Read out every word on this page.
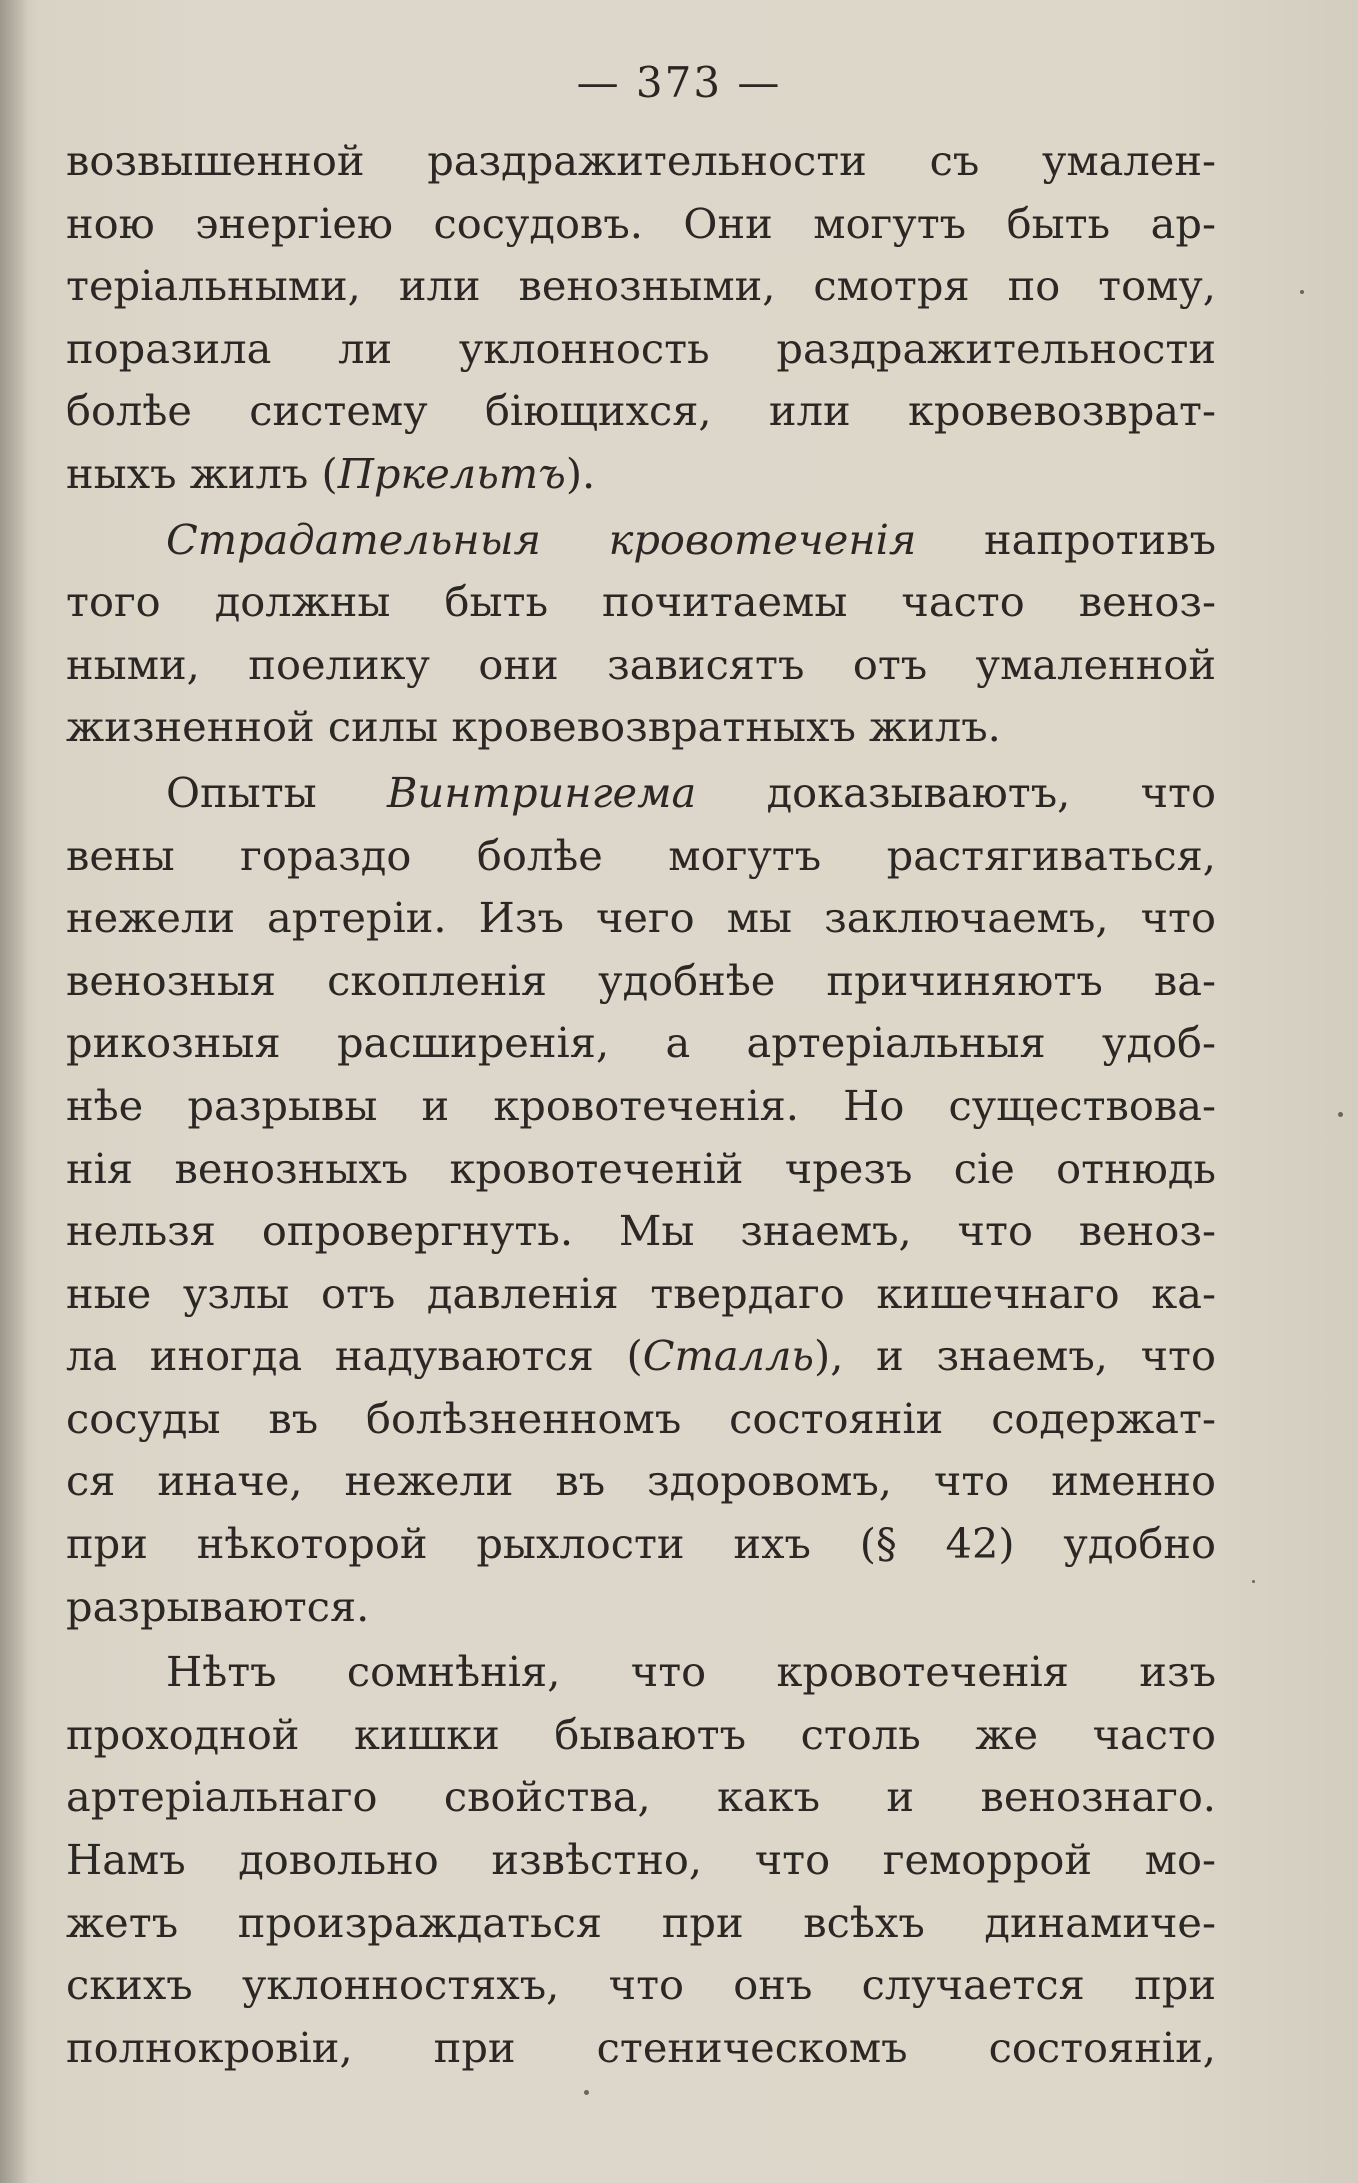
— 373 —
возвышенной раздражительности съ умален-
ною энергіею сосудовъ. Они могутъ быть ар-
теріальными, или венозными, смотря по тому,
поразила ли уклонность раздражительности
болѣе систему біющихся, или кровевозврат-
ныхъ жилъ (Пркельтъ).
Страдательныя кровотеченія напротивъ
того должны быть почитаемы часто веноз-
ными, поелику они зависятъ отъ умаленной
жизненной силы кровевозвратныхъ жилъ.
Опыты Винтрингема доказываютъ, что
вены гораздо болѣе могутъ растягиваться,
нежели артеріи. Изъ чего мы заключаемъ, что
венозныя скопленія удобнѣе причиняютъ ва-
рикозныя расширенія, а артеріальныя удоб-
нѣе разрывы и кровотеченія. Но существова-
нія венозныхъ кровотеченій чрезъ сіе отнюдь
нельзя опровергнуть. Мы знаемъ, что веноз-
ные узлы отъ давленія твердаго кишечнаго ка-
ла иногда надуваются (Сталль), и знаемъ, что
сосуды въ болѣзненномъ состояніи содержат-
ся иначе, нежели въ здоровомъ, что именно
при нѣкоторой рыхлости ихъ (§ 42) удобно
разрываются.
Нѣтъ сомнѣнія, что кровотеченія изъ
проходной кишки бываютъ столь же часто
артеріальнаго свойства, какъ и венознаго.
Намъ довольно извѣстно, что геморрой мо-
жетъ произраждаться при всѣхъ динамиче-
скихъ уклонностяхъ, что онъ случается при
полнокровіи, при стеническомъ состояніи,
